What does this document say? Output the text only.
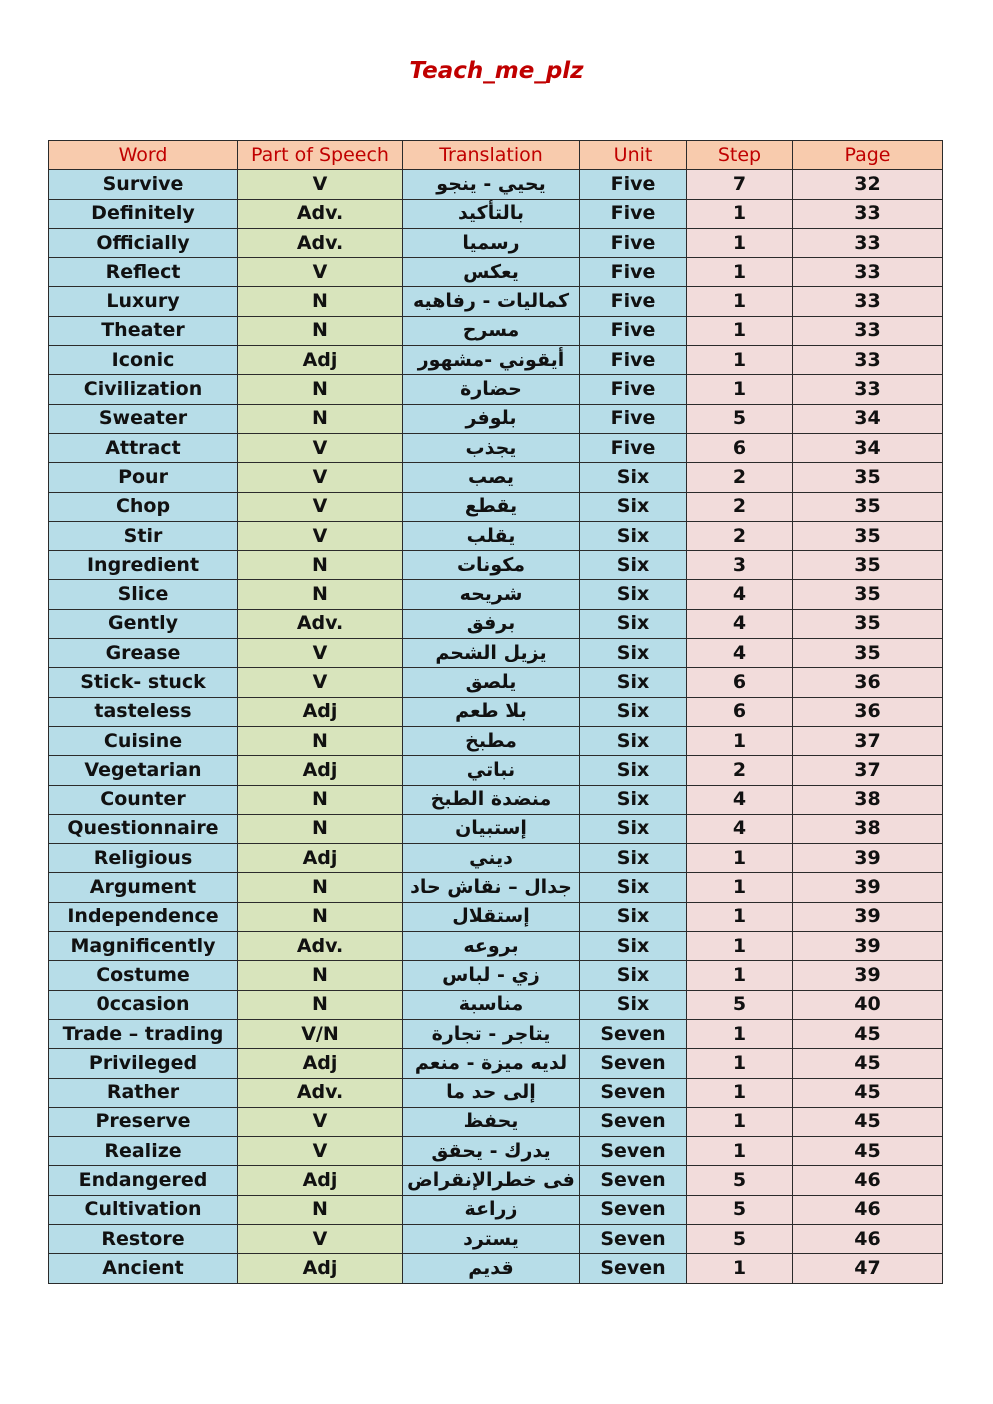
Teach_me_plz
Word	Part of Speech	Translation	Unit	Step	Page
Survive	V	يحيي - ينجو	Five	7	32
Definitely	Adv.	بالتأكيد	Five	1	33
Officially	Adv.	رسميا	Five	1	33
Reflect	V	يعكس	Five	1	33
Luxury	N	كماليات - رفاهيه	Five	1	33
Theater	N	مسرح	Five	1	33
Iconic	Adj	أيقوني -مشهور	Five	1	33
Civilization	N	حضارة	Five	1	33
Sweater	N	بلوفر	Five	5	34
Attract	V	يجذب	Five	6	34
Pour	V	يصب	Six	2	35
Chop	V	يقطع	Six	2	35
Stir	V	يقلب	Six	2	35
Ingredient	N	مكونات	Six	3	35
Slice	N	شريحه	Six	4	35
Gently	Adv.	برفق	Six	4	35
Grease	V	يزيل الشحم	Six	4	35
Stick- stuck	V	يلصق	Six	6	36
tasteless	Adj	بلا طعم	Six	6	36
Cuisine	N	مطبخ	Six	1	37
Vegetarian	Adj	نباتي	Six	2	37
Counter	N	منضدة الطبخ	Six	4	38
Questionnaire	N	إستبيان	Six	4	38
Religious	Adj	ديني	Six	1	39
Argument	N	جدال – نقاش حاد	Six	1	39
Independence	N	إستقلال	Six	1	39
Magnificently	Adv.	بروعه	Six	1	39
Costume	N	زي - لباس	Six	1	39
0ccasion	N	مناسبة	Six	5	40
Trade – trading	V/N	يتاجر - تجارة	Seven	1	45
Privileged	Adj	لديه ميزة - منعم	Seven	1	45
Rather	Adv.	إلى حد ما	Seven	1	45
Preserve	V	يحفظ	Seven	1	45
Realize	V	يدرك - يحقق	Seven	1	45
Endangered	Adj	فى خطرالإنقراض	Seven	5	46
Cultivation	N	زراعة	Seven	5	46
Restore	V	يسترد	Seven	5	46
Ancient	Adj	قديم	Seven	1	47
